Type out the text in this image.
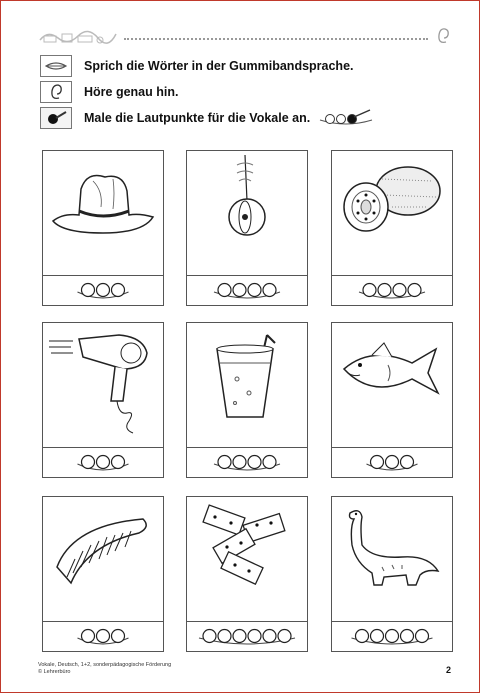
Sprich die Wörter in der Gummibandsprache.
Höre genau hin.
Male die Lautpunkte für die Vokale an.
Vokale, Deutsch, 1+2, sonderpädagogische Förderung
© Lehrerbüro	2
